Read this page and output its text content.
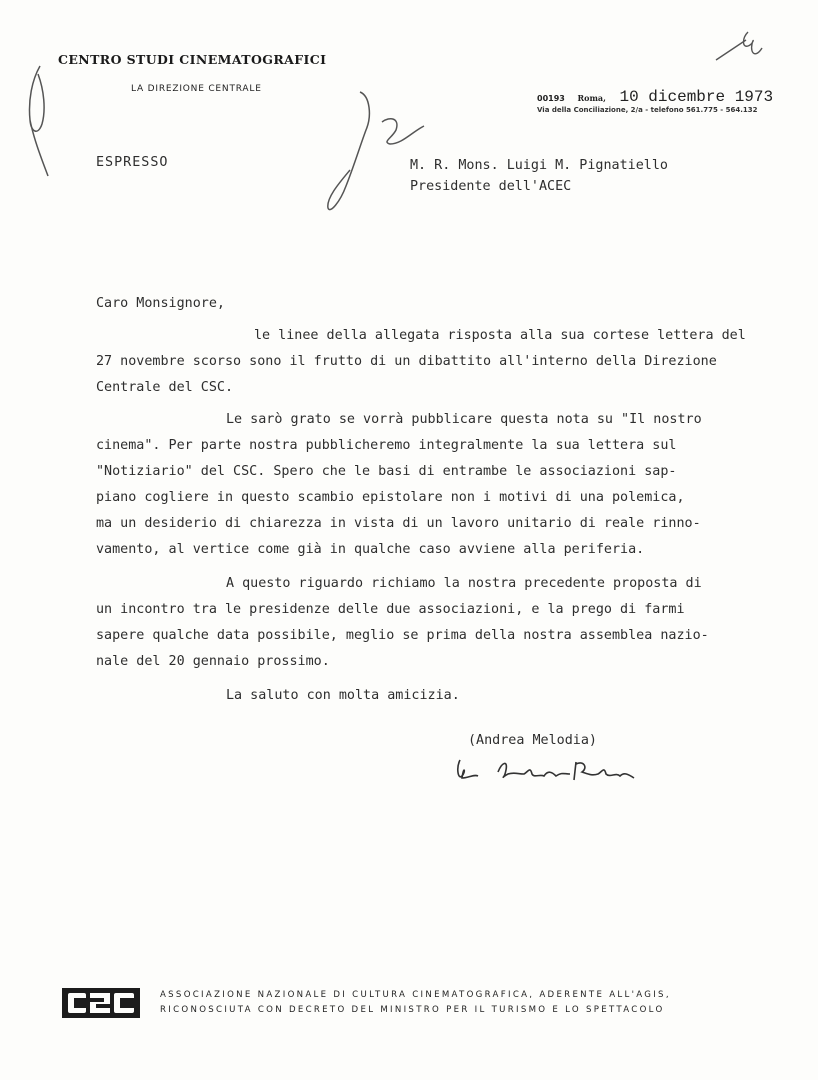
CENTRO STUDI CINEMATOGRAFICI
LA DIREZIONE CENTRALE
00193 Roma, 10 dicembre 1973
Via della Conciliazione, 2/a - telefono 561.775 - 564.132
ESPRESSO	M. R. Mons. Luigi M. Pignatiello
Presidente dell'ACEC
Caro Monsignore,
le linee della allegata risposta alla sua cortese lettera del
27 novembre scorso sono il frutto di un dibattito all'interno della Direzione
Centrale del CSC.
Le sarò grato se vorrà pubblicare questa nota su "Il nostro
cinema". Per parte nostra pubblicheremo integralmente la sua lettera sul
"Notiziario" del CSC. Spero che le basi di entrambe le associazioni sap-
piano cogliere in questo scambio epistolare non i motivi di una polemica,
ma un desiderio di chiarezza in vista di un lavoro unitario di reale rinno-
vamento, al vertice come già in qualche caso avviene alla periferia.
A questo riguardo richiamo la nostra precedente proposta di
un incontro tra le presidenze delle due associazioni, e la prego di farmi
sapere qualche data possibile, meglio se prima della nostra assemblea nazio-
nale del 20 gennaio prossimo.
La saluto con molta amicizia.
(Andrea Melodia)
ASSOCIAZIONE NAZIONALE DI CULTURA CINEMATOGRAFICA, ADERENTE ALL'AGIS,
RICONOSCIUTA CON DECRETO DEL MINISTRO PER IL TURISMO E LO SPETTACOLO
